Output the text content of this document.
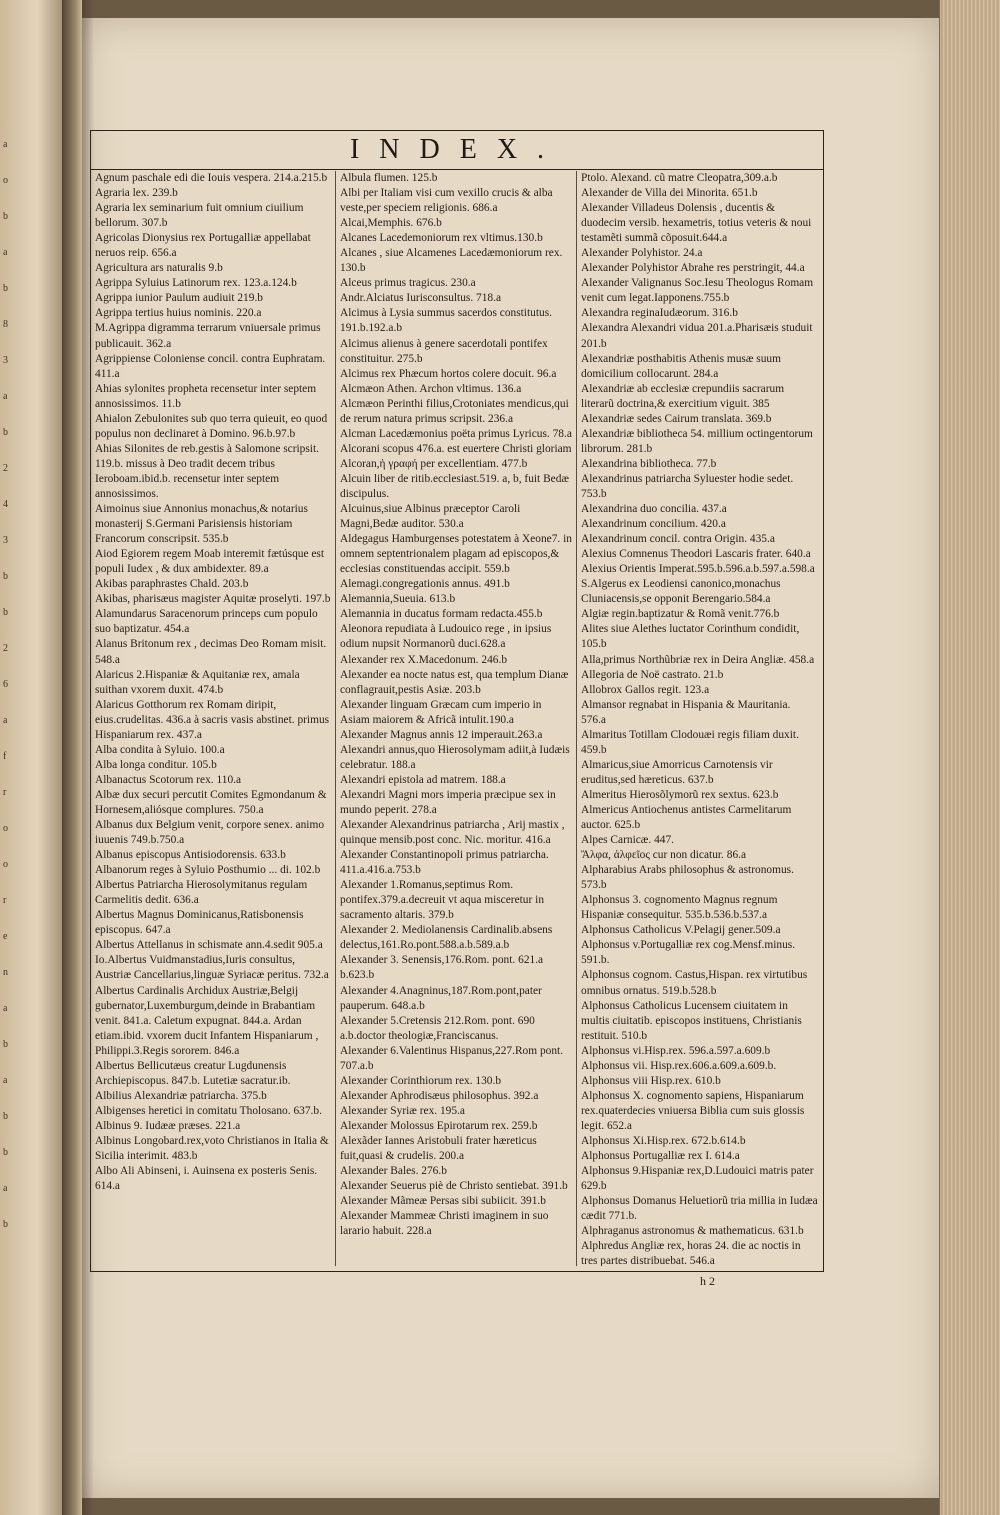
a
o
b
a
b
8
3
a
b
2
4
3
b
b
2
6
a
f
r
o
o
r
e
n
a
b
a
b
b
a
b
INDEX.

Agnum paschale edi die Iouis vespera. 214.a.215.b

Agraria lex. 239.b

Agraria lex seminarium fuit omnium ciuilium bellorum. 307.b

Agricolas Dionysius rex Portugalliæ appellabat neruos reip. 656.a

Agricultura ars naturalis 9.b

Agrippa Syluius Latinorum rex. 123.a.124.b

Agrippa iunior Paulum audiuit 219.b

Agrippa tertius huius nominis. 220.a

M.Agrippa digramma terrarum vniuersale primus publicauit. 362.a

Agrippiense Coloniense concil. contra Euphratam. 411.a

Ahias sylonites propheta recensetur inter septem annosissimos. 11.b

Ahialon Zebulonites sub quo terra quieuit, eo quod populus non declinaret à Domino. 96.b.97.b

Ahias Silonites de reb.gestis à Salomone scripsit. 119.b. missus à Deo tradit decem tribus Ieroboam.ibid.b. recensetur inter septem annosissimos.

Aimoinus siue Annonius monachus,& notarius monasterij S.Germani Parisiensis historiam Francorum conscripsit. 535.b

Aiod Egiorem regem Moab interemit fætúsque est populi Iudex , & dux ambidexter. 89.a

Akibas paraphrastes Chald. 203.b

Akibas, pharisæus magister Aquitæ proselyti. 197.b

Alamundarus Saracenorum princeps cum populo suo baptizatur. 454.a

Alanus Britonum rex , decimas Deo Romam misit. 548.a

Alaricus 2.Hispaniæ & Aquitaniæ rex, amala suithan vxorem duxit. 474.b

Alaricus Gotthorum rex Romam diripit, eius.crudelitas. 436.a à sacris vasis abstinet. primus Hispaniarum rex. 437.a

Alba condita à Syluio. 100.a

Alba longa conditur. 105.b

Albanactus Scotorum rex. 110.a

Albæ dux securi percutit Comites Egmondanum & Hornesem,aliósque complures. 750.a

Albanus dux Belgium venit, corpore senex. animo iuuenis 749.b.750.a

Albanus episcopus Antisiodorensis. 633.b

Albanorum reges à Syluio Posthumio ... di. 102.b

Albertus Patriarcha Hierosolymitanus regulam Carmelitis dedit. 636.a

Albertus Magnus Dominicanus,Ratisbonensis episcopus. 647.a

Albertus Attellanus in schismate ann.4.sedit 905.a

Io.Albertus Vuidmanstadius,Iuris consultus, Austriæ Cancellarius,linguæ Syriacæ peritus. 732.a

Albertus Cardinalis Archidux Austriæ,Belgij gubernator,Luxemburgum,deinde in Brabantiam venit. 841.a. Caletum expugnat. 844.a. Ardan etiam.ibid. vxorem ducit Infantem Hispaniarum , Philippi.3.Regis sororem. 846.a

Albertus Bellicutæus creatur Lugdunensis Archiepiscopus. 847.b. Lutetiæ sacratur.ib.

Albilius Alexandriæ patriarcha. 375.b

Albigenses heretici in comitatu Tholosano. 637.b.

Albinus 9. Iudææ præses. 221.a

Albinus Longobard.rex,voto Christianos in Italia & Sicilia interimit. 483.b

Albo Ali Abinseni, i. Auinsena ex posteris Senis. 614.a

Albula flumen. 125.b

Albi per Italiam visi cum vexillo crucis & alba veste,per speciem religionis. 686.a

Alcai,Memphis. 676.b

Alcanes Lacedemoniorum rex vltimus.130.b

Alcanes , siue Alcamenes Lacedæmoniorum rex. 130.b

Alceus primus tragicus. 230.a

Andr.Alciatus Iurisconsultus. 718.a

Alcimus à Lysia summus sacerdos constitutus. 191.b.192.a.b

Alcimus alienus à genere sacerdotali pontifex constituitur. 275.b

Alcimus rex Phæcum hortos colere docuit. 96.a

Alcmæon Athen. Archon vltimus. 136.a

Alcmæon Perinthi filius,Crotoniates mendicus,qui de rerum natura primus scripsit. 236.a

Alcman Lacedæmonius poëta primus Lyricus. 78.a

Alcorani scopus 476.a. est euertere Christi gloriam

Alcoran,ἡ γραφή per excellentiam. 477.b

Alcuin liber de ritib.ecclesiast.519. a, b, fuit Bedæ discipulus.

Alcuinus,siue Albinus præceptor Caroli Magni,Bedæ auditor. 530.a

Aldegagus Hamburgenses potestatem à Xeone7. in omnem septentrionalem plagam ad episcopos,& ecclesias constituendas accipit. 559.b

Alemagi.congregationis annus. 491.b

Alemannia,Sueuia. 613.b

Alemannia in ducatus formam redacta.455.b

Aleonora repudiata à Ludouico rege , in ipsius odium nupsit Normanorũ duci.628.a

Alexander rex X.Macedonum. 246.b

Alexander ea nocte natus est, qua templum Dianæ conflagrauit,pestis Asiæ. 203.b

Alexander linguam Græcam cum imperio in Asiam maiorem & Africã intulit.190.a

Alexander Magnus annis 12 imperauit.263.a

Alexandri annus,quo Hierosolymam adiit,à Iudæis celebratur. 188.a

Alexandri epistola ad matrem. 188.a

Alexandri Magni mors imperia præcipue sex in mundo peperit. 278.a

Alexander Alexandrinus patriarcha , Arij mastix , quinque mensib.post conc. Nic. moritur. 416.a

Alexander Constantinopoli primus patriarcha. 411.a.416.a.753.b

Alexander 1.Romanus,septimus Rom. pontifex.379.a.decreuit vt aqua misceretur in sacramento altaris. 379.b

Alexander 2. Mediolanensis Cardinalib.absens delectus,161.Ro.pont.588.a.b.589.a.b

Alexander 3. Senensis,176.Rom. pont. 621.a b.623.b

Alexander 4.Anagninus,187.Rom.pont,pater pauperum. 648.a.b

Alexander 5.Cretensis 212.Rom. pont. 690 a.b.doctor theologiæ,Franciscanus.

Alexander 6.Valentinus Hispanus,227.Rom pont. 707.a.b

Alexander Corinthiorum rex. 130.b

Alexander Aphrodisæus philosophus. 392.a

Alexander Syriæ rex. 195.a

Alexander Molossus Epirotarum rex. 259.b

Alexãder Iannes Aristobuli frater hæreticus fuit,quasi & crudelis. 200.a

Alexander Bales. 276.b

Alexander Seuerus piè de Christo sentiebat. 391.b

Alexander Mãmeæ Persas sibi subiicit. 391.b

Alexander Mammeæ Christi imaginem in suo larario habuit. 228.a

Ptolo. Alexand. cũ matre Cleopatra,309.a.b

Alexander de Villa dei Minorita. 651.b

Alexander Villadeus Dolensis , ducentis & duodecim versib. hexametris, totius veteris & noui testamẽti summã cõposuit.644.a

Alexander Polyhistor. 24.a

Alexander Polyhistor Abrahe res perstringit, 44.a

Alexander Valignanus Soc.Iesu Theologus Romam venit cum legat.Iapponens.755.b

Alexandra reginaIudæorum. 316.b

Alexandra Alexandri vidua 201.a.Pharisæis studuit 201.b

Alexandriæ posthabitis Athenis musæ suum domicilium collocarunt. 284.a

Alexandriæ ab ecclesiæ crepundiis sacrarum literarũ doctrina,& exercitium viguit. 385

Alexandriæ sedes Cairum translata. 369.b

Alexandriæ bibliotheca 54. millium octingentorum librorum. 281.b

Alexandrina bibliotheca. 77.b

Alexandrinus patriarcha Syluester hodie sedet. 753.b

Alexandrina duo concilia. 437.a

Alexandrinum concilium. 420.a

Alexandrinum concil. contra Origin. 435.a

Alexius Comnenus Theodori Lascaris frater. 640.a

Alexius Orientis Imperat.595.b.596.a.b.597.a.598.a

S.Algerus ex Leodiensi canonico,monachus Cluniacensis,se opponit Berengario.584.a

Algiæ regin.baptizatur & Romã venit.776.b

Alites siue Alethes luctator Corinthum condidit, 105.b

Alla,primus Northũbriæ rex in Deira Angliæ. 458.a

Allegoria de Noë castrato. 21.b

Allobrox Gallos regit. 123.a

Almansor regnabat in Hispania & Mauritania. 576.a

Almaritus Totillam Clodouæi regis filiam duxit. 459.b

Almaricus,siue Amorricus Carnotensis vir eruditus,sed hæreticus. 637.b

Almeritus Hierosõlymorũ rex sextus. 623.b

Almericus Antiochenus antistes Carmelitarum auctor. 625.b

Alpes Carnicæ. 447.

Ἄλφα, ἀλφεῖος cur non dicatur. 86.a

Alpharabius Arabs philosophus & astronomus. 573.b

Alphonsus 3. cognomento Magnus regnum Hispaniæ consequitur. 535.b.536.b.537.a

Alphonsus Catholicus V.Pelagij gener.509.a

Alphonsus v.Portugalliæ rex cog.Mensf.minus. 591.b.

Alphonsus cognom. Castus,Hispan. rex virtutibus omnibus ornatus. 519.b.528.b

Alphonsus Catholicus Lucensem ciuitatem in multis ciuitatib. episcopos instituens, Christianis restituit. 510.b

Alphonsus vi.Hisp.rex. 596.a.597.a.609.b

Alphonsus vii. Hisp.rex.606.a.609.a.609.b.

Alphonsus viii Hisp.rex. 610.b

Alphonsus X. cognomento sapiens, Hispaniarum rex.quaterdecies vniuersa Biblia cum suis glossis legit. 652.a

Alphonsus Xi.Hisp.rex. 672.b.614.b

Alphonsus Portugalliæ rex I. 614.a

Alphonsus 9.Hispaniæ rex,D.Ludouici matris pater 629.b

Alphonsus Domanus Heluetiorũ tria millia in Iudæa cædit 771.b.

Alphraganus astronomus & mathematicus. 631.b

Alphredus Angliæ rex, horas 24. die ac noctis in tres partes distribuebat. 546.a

h 2
